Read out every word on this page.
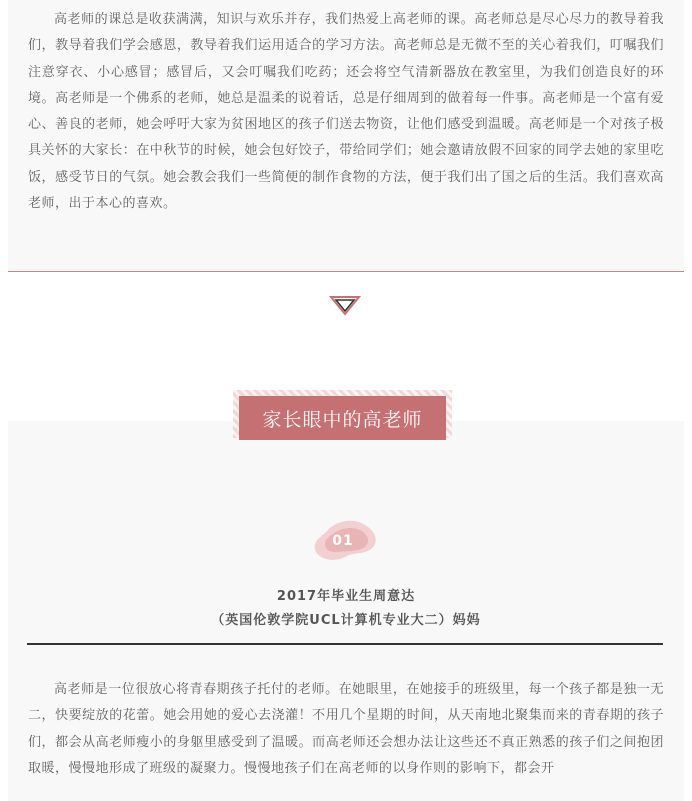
高老师的课总是收获满满，知识与欢乐并存，我们热爱上高老师的课。高老师总是尽心尽力的教导着我们，教导着我们学会感恩，教导着我们运用适合的学习方法。高老师总是无微不至的关心着我们，叮嘱我们注意穿衣、小心感冒；感冒后，又会叮嘱我们吃药；还会将空气清新器放在教室里，为我们创造良好的环境。高老师是一个佛系的老师，她总是温柔的说着话，总是仔细周到的做着每一件事。高老师是一个富有爱心、善良的老师，她会呼吁大家为贫困地区的孩子们送去物资，让他们感受到温暖。高老师是一个对孩子极具关怀的大家长：在中秋节的时候，她会包好饺子，带给同学们；她会邀请放假不回家的同学去她的家里吃饭，感受节日的气氛。她会教会我们一些简便的制作食物的方法，便于我们出了国之后的生活。我们喜欢高老师，出于本心的喜欢。

家长眼中的高老师
01
2017年毕业生周意达
（英国伦敦学院UCL计算机专业大二）妈妈

高老师是一位很放心将青春期孩子托付的老师。在她眼里，在她接手的班级里，每一个孩子都是独一无二，快要绽放的花蕾。她会用她的爱心去浇灌！不用几个星期的时间，从天南地北聚集而来的青春期的孩子们，都会从高老师瘦小的身躯里感受到了温暖。而高老师还会想办法让这些还不真正熟悉的孩子们之间抱团取暖，慢慢地形成了班级的凝聚力。慢慢地孩子们在高老师的以身作则的影响下，都会开
